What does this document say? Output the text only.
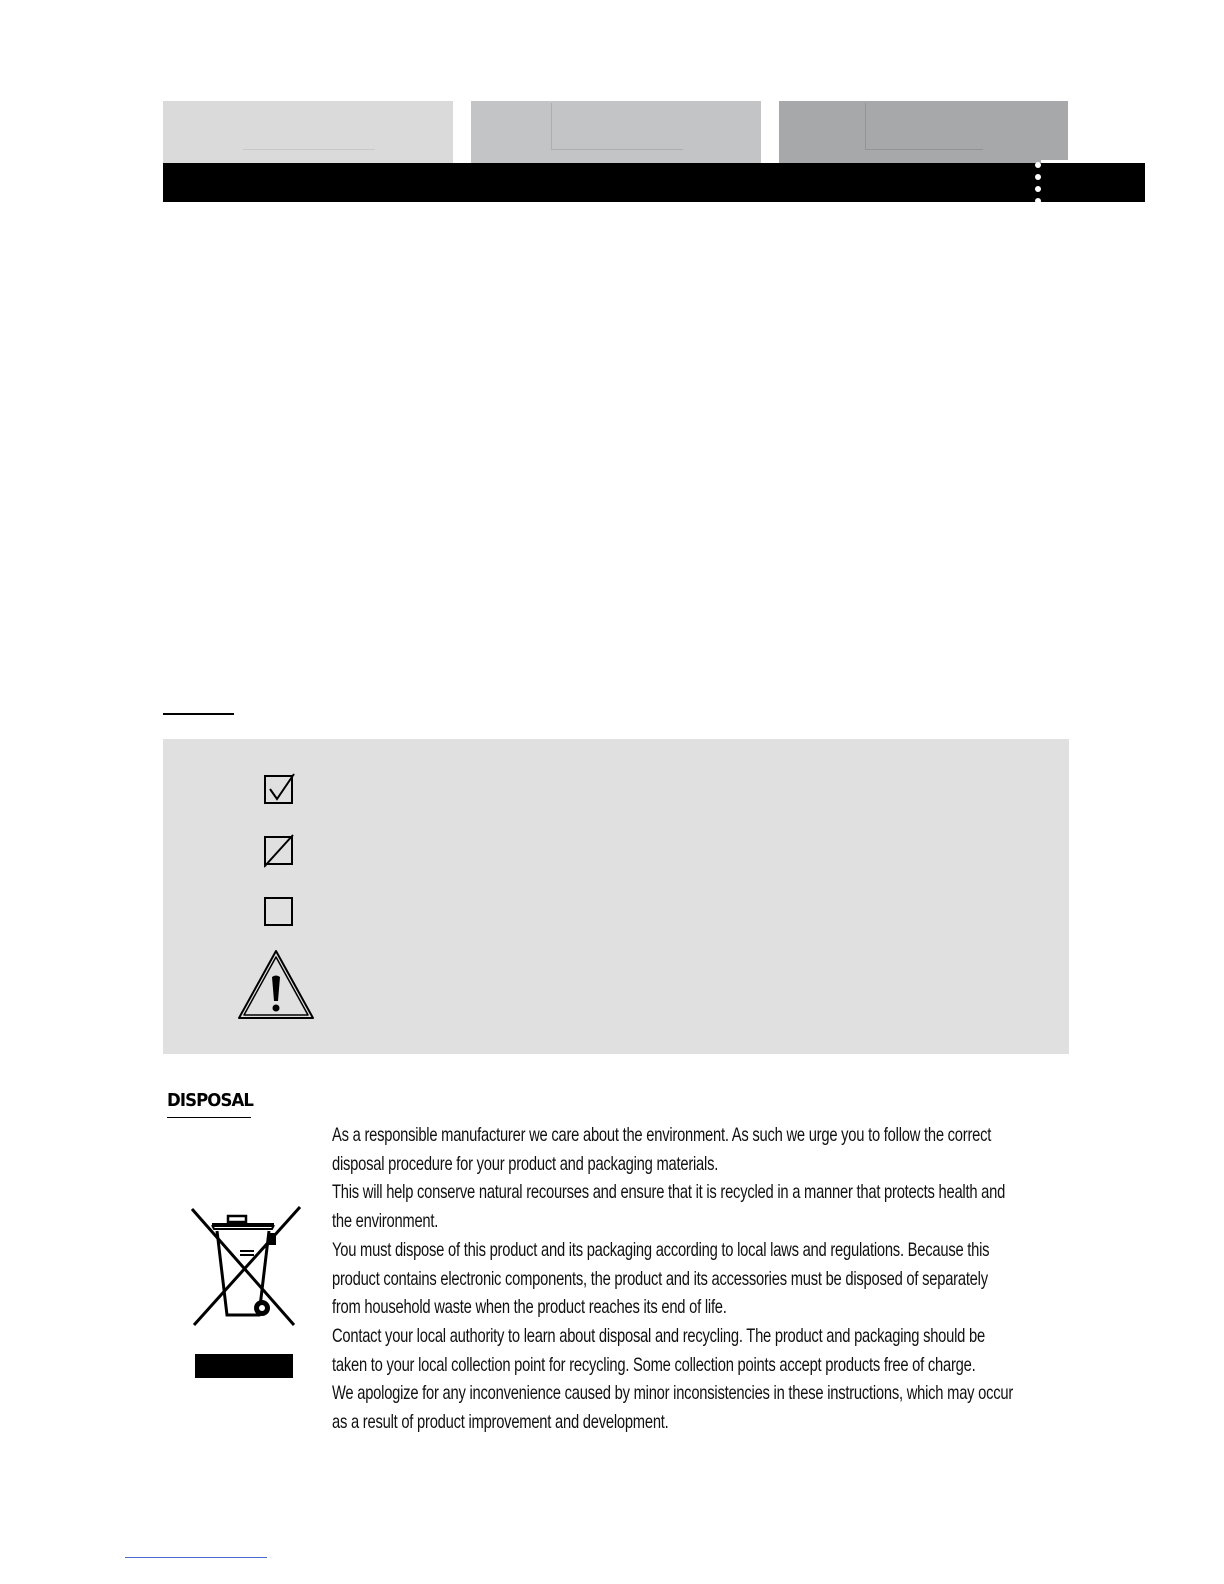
DISPOSAL

As a responsible manufacturer we care about the environment. As such we urge you to follow the correct disposal procedure for your product and packaging materials.

This will help conserve natural recourses and ensure that it is recycled in a manner that protects health and the environment.

You must dispose of this product and its packaging according to local laws and regulations. Because this product contains electronic components, the product and its accessories must be disposed of separately from household waste when the product reaches its end of life.

Contact your local authority to learn about disposal and recycling. The product and packaging should be taken to your local collection point for recycling. Some collection points accept products free of charge.

We apologize for any inconvenience caused by minor inconsistencies in these instructions, which may occur as a result of product improvement and development.
